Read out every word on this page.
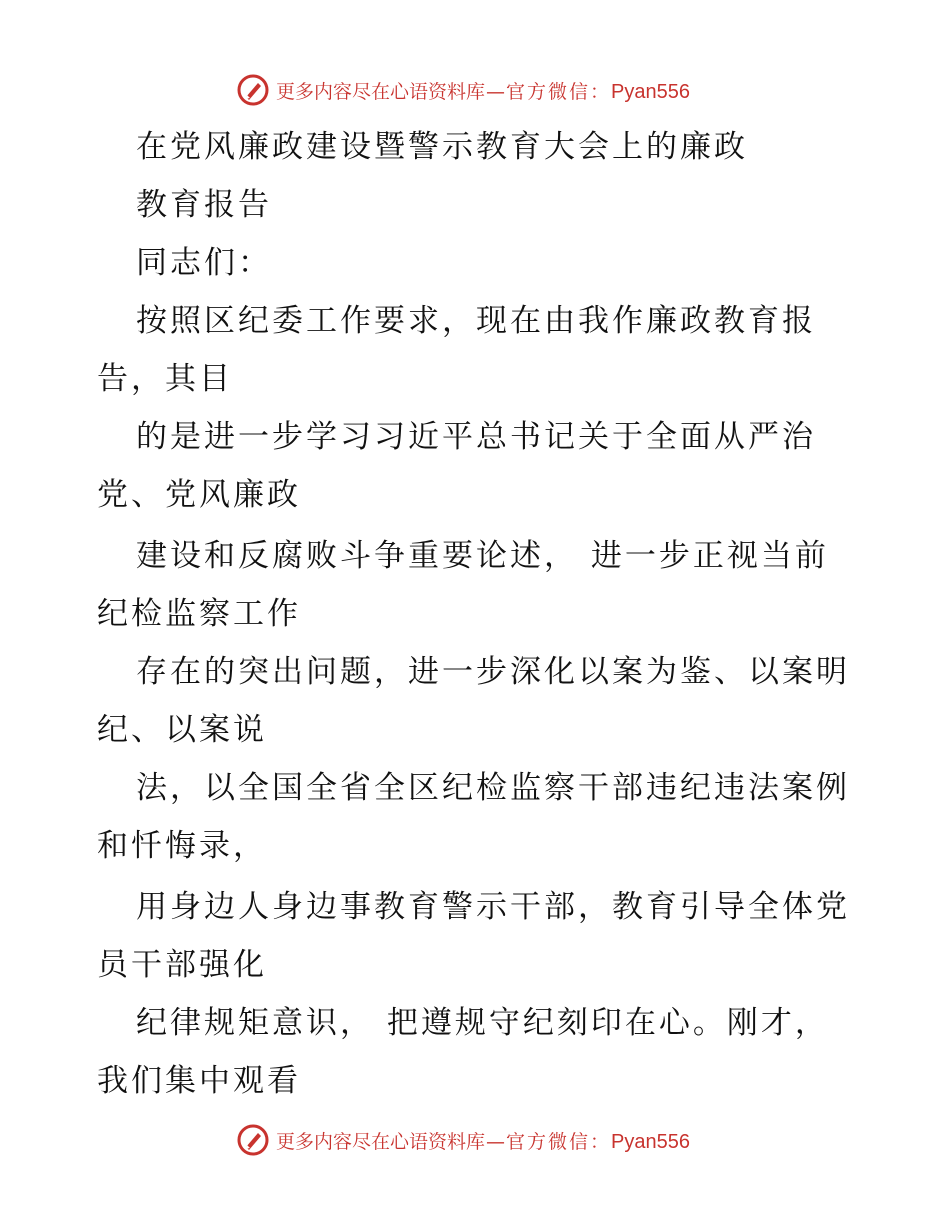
更多内容尽在心语资料库—官方微信：Pyan556
在党风廉政建设暨警示教育大会上的廉政
教育报告
同志们：
按照区纪委工作要求，现在由我作廉政教育报
告，其目
的是进一步学习习近平总书记关于全面从严治
党、党风廉政
建设和反腐败斗争重要论述， 进一步正视当前
纪检监察工作
存在的突出问题，进一步深化以案为鉴、以案明
纪、以案说
法，以全国全省全区纪检监察干部违纪违法案例
和忏悔录，
用身边人身边事教育警示干部，教育引导全体党
员干部强化
纪律规矩意识， 把遵规守纪刻印在心。刚才，
我们集中观看
更多内容尽在心语资料库—官方微信：Pyan556
